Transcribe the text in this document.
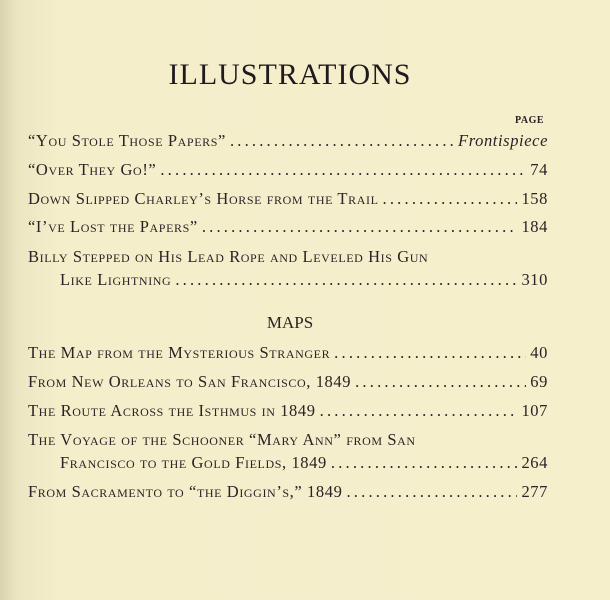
ILLUSTRATIONS
PAGE
“You Stole Those Papers” .....	Frontispiece
“Over They Go!” .....	74
Down Slipped Charley’s Horse from the Trail .....	158
“I’ve Lost the Papers” .....	184
Billy Stepped on His Lead Rope and Leveled His Gun
Like Lightning .....	310
MAPS
The Map from the Mysterious Stranger .....	40
From New Orleans to San Francisco, 1849 .....	69
The Route Across the Isthmus in 1849 .....	107
The Voyage of the Schooner “Mary Ann” from San
Francisco to the Gold Fields, 1849 .....	264
From Sacramento to “the Diggin’s,” 1849 .....	277
